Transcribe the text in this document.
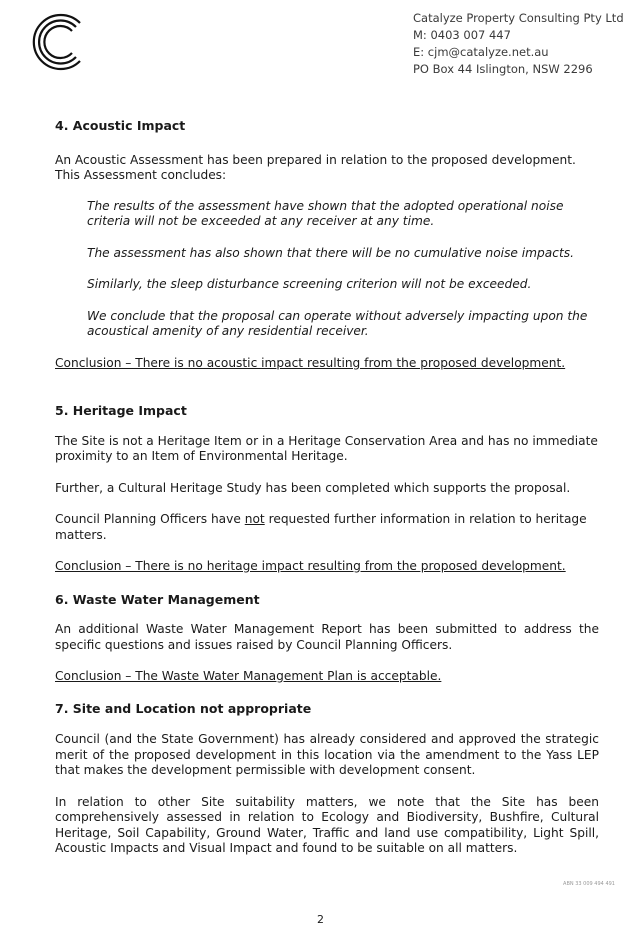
Catalyze Property Consulting Pty Ltd
M: 0403 007 447
E: cjm@catalyze.net.au
PO Box 44 Islington, NSW 2296
4. Acoustic Impact

An Acoustic Assessment has been prepared in relation to the proposed development. This Assessment concludes:

The results of the assessment have shown that the adopted operational noise criteria will not be exceeded at any receiver at any time.

The assessment has also shown that there will be no cumulative noise impacts.

Similarly, the sleep disturbance screening criterion will not be exceeded.

We conclude that the proposal can operate without adversely impacting upon the acoustical amenity of any residential receiver.

Conclusion – There is no acoustic impact resulting from the proposed development.

5. Heritage Impact

The Site is not a Heritage Item or in a Heritage Conservation Area and has no immediate proximity to an Item of Environmental Heritage.

Further, a Cultural Heritage Study has been completed which supports the proposal.

Council Planning Officers have not requested further information in relation to heritage matters.

Conclusion – There is no heritage impact resulting from the proposed development.

6. Waste Water Management

An additional Waste Water Management Report has been submitted to address the specific questions and issues raised by Council Planning Officers.

Conclusion – The Waste Water Management Plan is acceptable.

7. Site and Location not appropriate

Council (and the State Government) has already considered and approved the strategic merit of the proposed development in this location via the amendment to the Yass LEP that makes the development permissible with development consent.

In relation to other Site suitability matters, we note that the Site has been comprehensively assessed in relation to Ecology and Biodiversity, Bushfire, Cultural Heritage, Soil Capability, Ground Water, Traffic and land use compatibility, Light Spill, Acoustic Impacts and Visual Impact and found to be suitable on all matters.

ABN 33 009 494 491
2
